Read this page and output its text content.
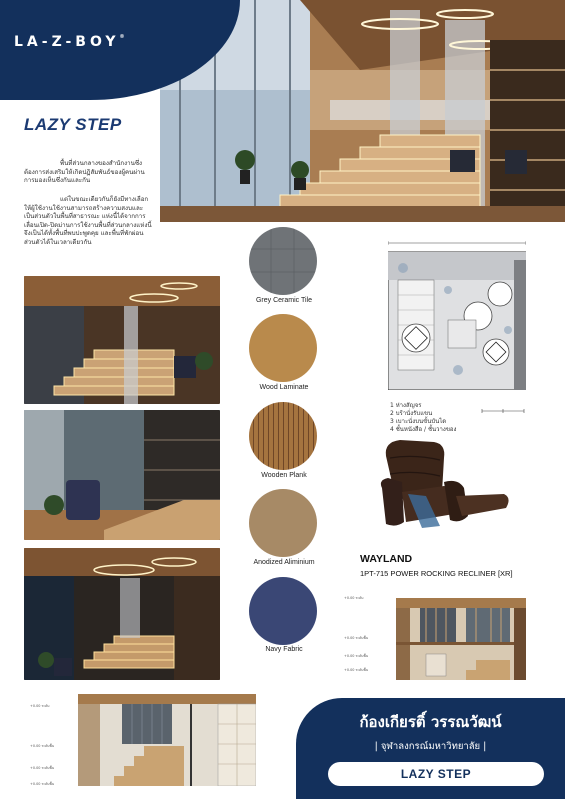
LA-Z-BOY®
LAZY STEP

พื้นที่ส่วนกลางของสำนักงานซึ่งต้องการส่งเสริมให้เกิดปฏิสัมพันธ์ของผู้คนผ่านการมองเห็นซึ่งกันและกัน

แต่ในขณะเดียวกันก็ยังมีทางเลือกให้ผู้ใช้งานใช้งานสามารถสร้างความสงบและเป็นส่วนตัวในพื้นที่สาธารณะ แห่งนี้ได้จากการเลื่อนเปิด-ปิดม่านการใช้งานพื้นที่ส่วนกลางแห่งนี้จึงเป็นได้ทั้งพื้นที่พบปะพูดคุย และพื้นที่พักผ่อนส่วนตัวได้ในเวลาเดียวกัน

Grey Ceramic Tile
Wood Laminate
Wooden Plank
Anodized Aliminium
Navy Fabric
1 ห่างสัญจร
2 บร้านั่งรับแขน
3 เบาะนั่งบนขั้นบันได
4 ชั้นหนังสือ / ชั้นวางของ
WAYLAND
1PT-715 POWER ROCKING RECLINER [XR]
+0.00 ระดับ
+0.00 ระดับพื้น
+0.00 ระดับพื้น
+0.00 ระดับพื้น
+0.00 ระดับ
+0.00 ระดับพื้น
+0.00 ระดับพื้น
+0.00 ระดับพื้น
ก้องเกียรติ์ วรรณวัฒน์
| จุฬาลงกรณ์มหาวิทยาลัย |
LAZY STEP
